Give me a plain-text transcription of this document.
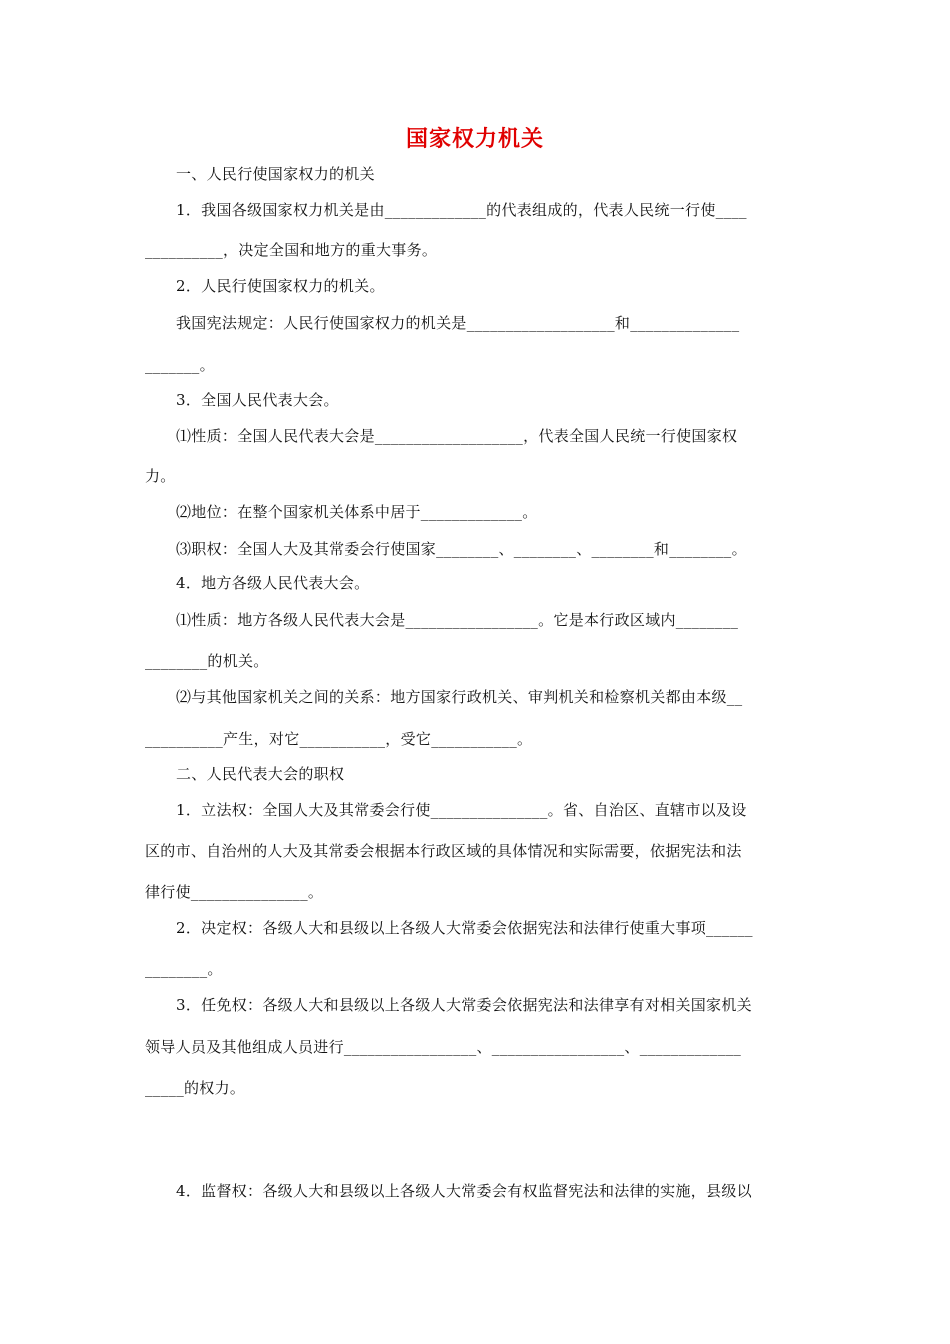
国家权力机关
一、人民行使国家权力的机关
1．我国各级国家权力机关是由_____________的代表组成的，代表人民统一行使____
__________，决定全国和地方的重大事务。
2．人民行使国家权力的机关。
我国宪法规定：人民行使国家权力的机关是___________________和______________
_______。
3．全国人民代表大会。
⑴性质：全国人民代表大会是___________________，代表全国人民统一行使国家权
力。
⑵地位：在整个国家机关体系中居于_____________。
⑶职权：全国人大及其常委会行使国家________、________、________和________。
4．地方各级人民代表大会。
⑴性质：地方各级人民代表大会是_________________。它是本行政区域内________
________的机关。
⑵与其他国家机关之间的关系：地方国家行政机关、审判机关和检察机关都由本级__
__________产生，对它___________，受它___________。
二、人民代表大会的职权
1．立法权：全国人大及其常委会行使_______________。省、自治区、直辖市以及设
区的市、自治州的人大及其常委会根据本行政区域的具体情况和实际需要，依据宪法和法
律行使_______________。
2．决定权：各级人大和县级以上各级人大常委会依据宪法和法律行使重大事项______
________。
3．任免权：各级人大和县级以上各级人大常委会依据宪法和法律享有对相关国家机关
领导人员及其他组成人员进行_________________、_________________、_____________
_____的权力。
4．监督权：各级人大和县级以上各级人大常委会有权监督宪法和法律的实施，县级以
